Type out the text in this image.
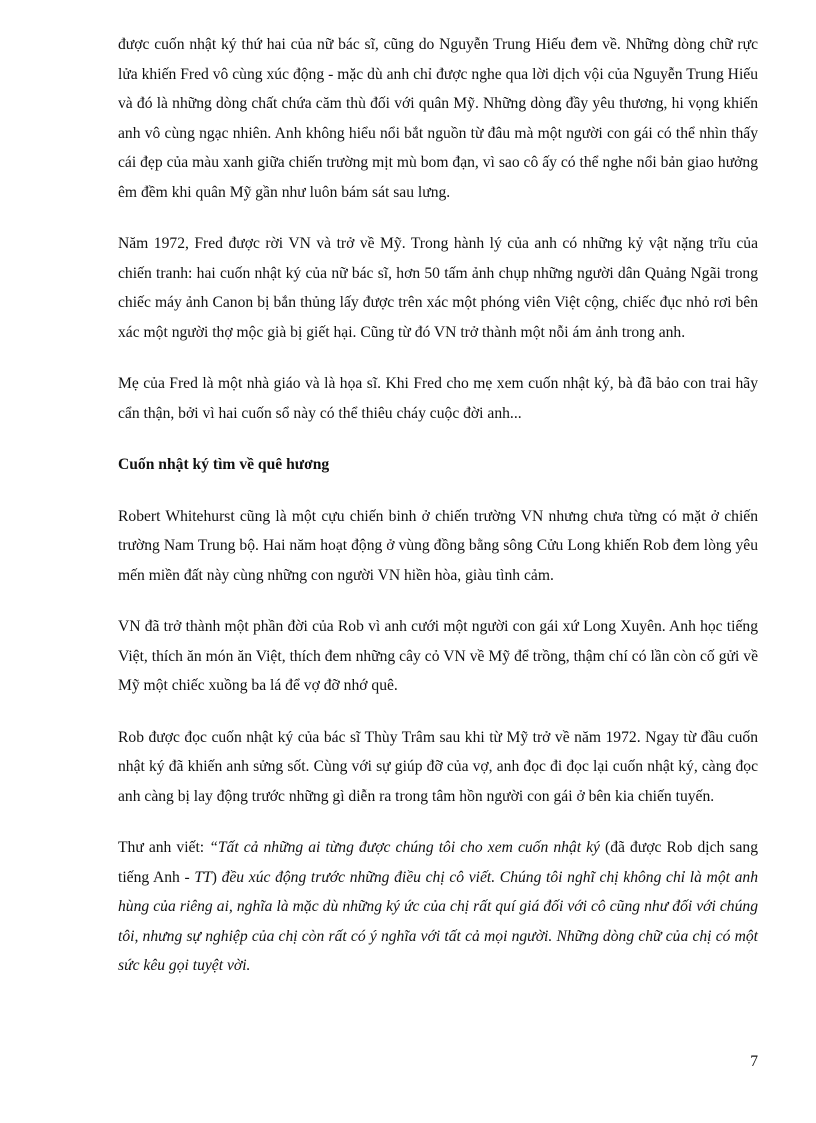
được cuốn nhật ký thứ hai của nữ bác sĩ, cũng do Nguyễn Trung Hiếu đem về. Những dòng chữ rực lửa khiến Fred vô cùng xúc động - mặc dù anh chỉ được nghe qua lời dịch vội của Nguyễn Trung Hiếu và đó là những dòng chất chứa căm thù đối với quân Mỹ. Những dòng đầy yêu thương, hi vọng khiến anh vô cùng ngạc nhiên. Anh không hiểu nổi bắt nguồn từ đâu mà một người con gái có thể nhìn thấy cái đẹp của màu xanh giữa chiến trường mịt mù bom đạn, vì sao cô ấy có thể nghe nổi bản giao hưởng êm đềm khi quân Mỹ gần như luôn bám sát sau lưng.

Năm 1972, Fred được rời VN và trở về Mỹ. Trong hành lý của anh có những kỷ vật nặng trĩu của chiến tranh: hai cuốn nhật ký của nữ bác sĩ, hơn 50 tấm ảnh chụp những người dân Quảng Ngãi trong chiếc máy ảnh Canon bị bắn thủng lấy được trên xác một phóng viên Việt cộng, chiếc đục nhỏ rơi bên xác một người thợ mộc già bị giết hại. Cũng từ đó VN trở thành một nỗi ám ảnh trong anh.

Mẹ của Fred là một nhà giáo và là họa sĩ. Khi Fred cho mẹ xem cuốn nhật ký, bà đã bảo con trai hãy cẩn thận, bởi vì hai cuốn sổ này có thể thiêu cháy cuộc đời anh...

Cuốn nhật ký tìm về quê hương

Robert Whitehurst cũng là một cựu chiến binh ở chiến trường VN nhưng chưa từng có mặt ở chiến trường Nam Trung bộ. Hai năm hoạt động ở vùng đồng bằng sông Cửu Long khiến Rob đem lòng yêu mến miền đất này cùng những con người VN hiền hòa, giàu tình cảm.

VN đã trở thành một phần đời của Rob vì anh cưới một người con gái xứ Long Xuyên. Anh học tiếng Việt, thích ăn món ăn Việt, thích đem những cây cỏ VN về Mỹ để trồng, thậm chí có lần còn cố gửi về Mỹ một chiếc xuồng ba lá để vợ đỡ nhớ quê.

Rob được đọc cuốn nhật ký của bác sĩ Thùy Trâm sau khi từ Mỹ trở về năm 1972. Ngay từ đầu cuốn nhật ký đã khiến anh sửng sốt. Cùng với sự giúp đỡ của vợ, anh đọc đi đọc lại cuốn nhật ký, càng đọc anh càng bị lay động trước những gì diễn ra trong tâm hồn người con gái ở bên kia chiến tuyến.

Thư anh viết: “Tất cả những ai từng được chúng tôi cho xem cuốn nhật ký (đã được Rob dịch sang tiếng Anh - TT) đều xúc động trước những điều chị cô viết. Chúng tôi nghĩ chị không chỉ là một anh hùng của riêng ai, nghĩa là mặc dù những ký ức của chị rất quí giá đối với cô cũng như đối với chúng tôi, nhưng sự nghiệp của chị còn rất có ý nghĩa với tất cả mọi người. Những dòng chữ của chị có một sức kêu gọi tuyệt vời.

7
